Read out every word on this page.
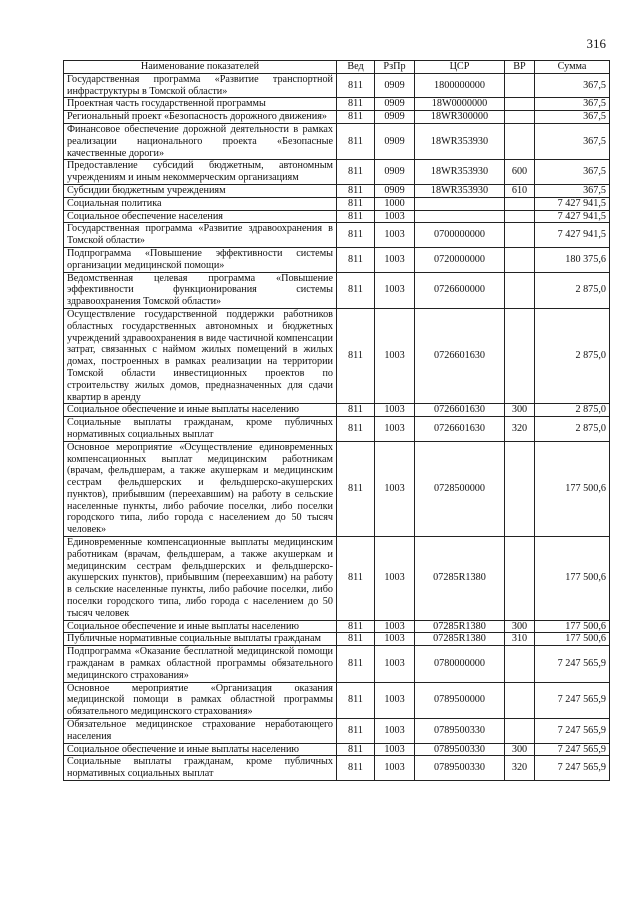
316
Наименование показателей	Вед	РзПр	ЦСР	ВР	Сумма
Государственная программа «Развитие транспортной инфраструктуры в Томской области»	811	0909	1800000000		367,5
Проектная часть государственной программы	811	0909	18W0000000		367,5
Региональный проект «Безопасность дорожного движения»	811	0909	18WR300000		367,5
Финансовое обеспечение дорожной деятельности в рамках реализации национального проекта «Безопасные качественные дороги»	811	0909	18WR353930		367,5
Предоставление субсидий бюджетным, автономным учреждениям и иным некоммерческим организациям	811	0909	18WR353930	600	367,5
Субсидии бюджетным учреждениям	811	0909	18WR353930	610	367,5
Социальная политика	811	1000			7 427 941,5
Социальное обеспечение населения	811	1003			7 427 941,5
Государственная программа «Развитие здравоохранения в Томской области»	811	1003	0700000000		7 427 941,5
Подпрограмма «Повышение эффективности системы организации медицинской помощи»	811	1003	0720000000		180 375,6
Ведомственная целевая программа «Повышение эффективности функционирования системы здравоохранения Томской области»	811	1003	0726600000		2 875,0
Осуществление государственной поддержки работников областных государственных автономных и бюджетных учреждений здравоохранения в виде частичной компенсации затрат, связанных с наймом жилых помещений в жилых домах, построенных в рамках реализации на территории Томской области инвестиционных проектов по строительству жилых домов, предназначенных для сдачи квартир в аренду	811	1003	0726601630		2 875,0
Социальное обеспечение и иные выплаты населению	811	1003	0726601630	300	2 875,0
Социальные выплаты гражданам, кроме публичных нормативных социальных выплат	811	1003	0726601630	320	2 875,0
Основное мероприятие «Осуществление единовременных компенсационных выплат медицинским работникам (врачам, фельдшерам, а также акушеркам и медицинским сестрам фельдшерских и фельдшерско-акушерских пунктов), прибывшим (переехавшим) на работу в сельские населенные пункты, либо рабочие поселки, либо поселки городского типа, либо города с населением до 50 тысяч человек»	811	1003	0728500000		177 500,6
Единовременные компенсационные выплаты медицинским работникам (врачам, фельдшерам, а также акушеркам и медицинским сестрам фельдшерских и фельдшерско-акушерских пунктов), прибывшим (переехавшим) на работу в сельские населенные пункты, либо рабочие поселки, либо поселки городского типа, либо города с населением до 50 тысяч человек	811	1003	07285R1380		177 500,6
Социальное обеспечение и иные выплаты населению	811	1003	07285R1380	300	177 500,6
Публичные нормативные социальные выплаты гражданам	811	1003	07285R1380	310	177 500,6
Подпрограмма «Оказание бесплатной медицинской помощи гражданам в рамках областной программы обязательного медицинского страхования»	811	1003	0780000000		7 247 565,9
Основное мероприятие «Организация оказания медицинской помощи в рамках областной программы обязательного медицинского страхования»	811	1003	0789500000		7 247 565,9
Обязательное медицинское страхование неработающего населения	811	1003	0789500330		7 247 565,9
Социальное обеспечение и иные выплаты населению	811	1003	0789500330	300	7 247 565,9
Социальные выплаты гражданам, кроме публичных нормативных социальных выплат	811	1003	0789500330	320	7 247 565,9
